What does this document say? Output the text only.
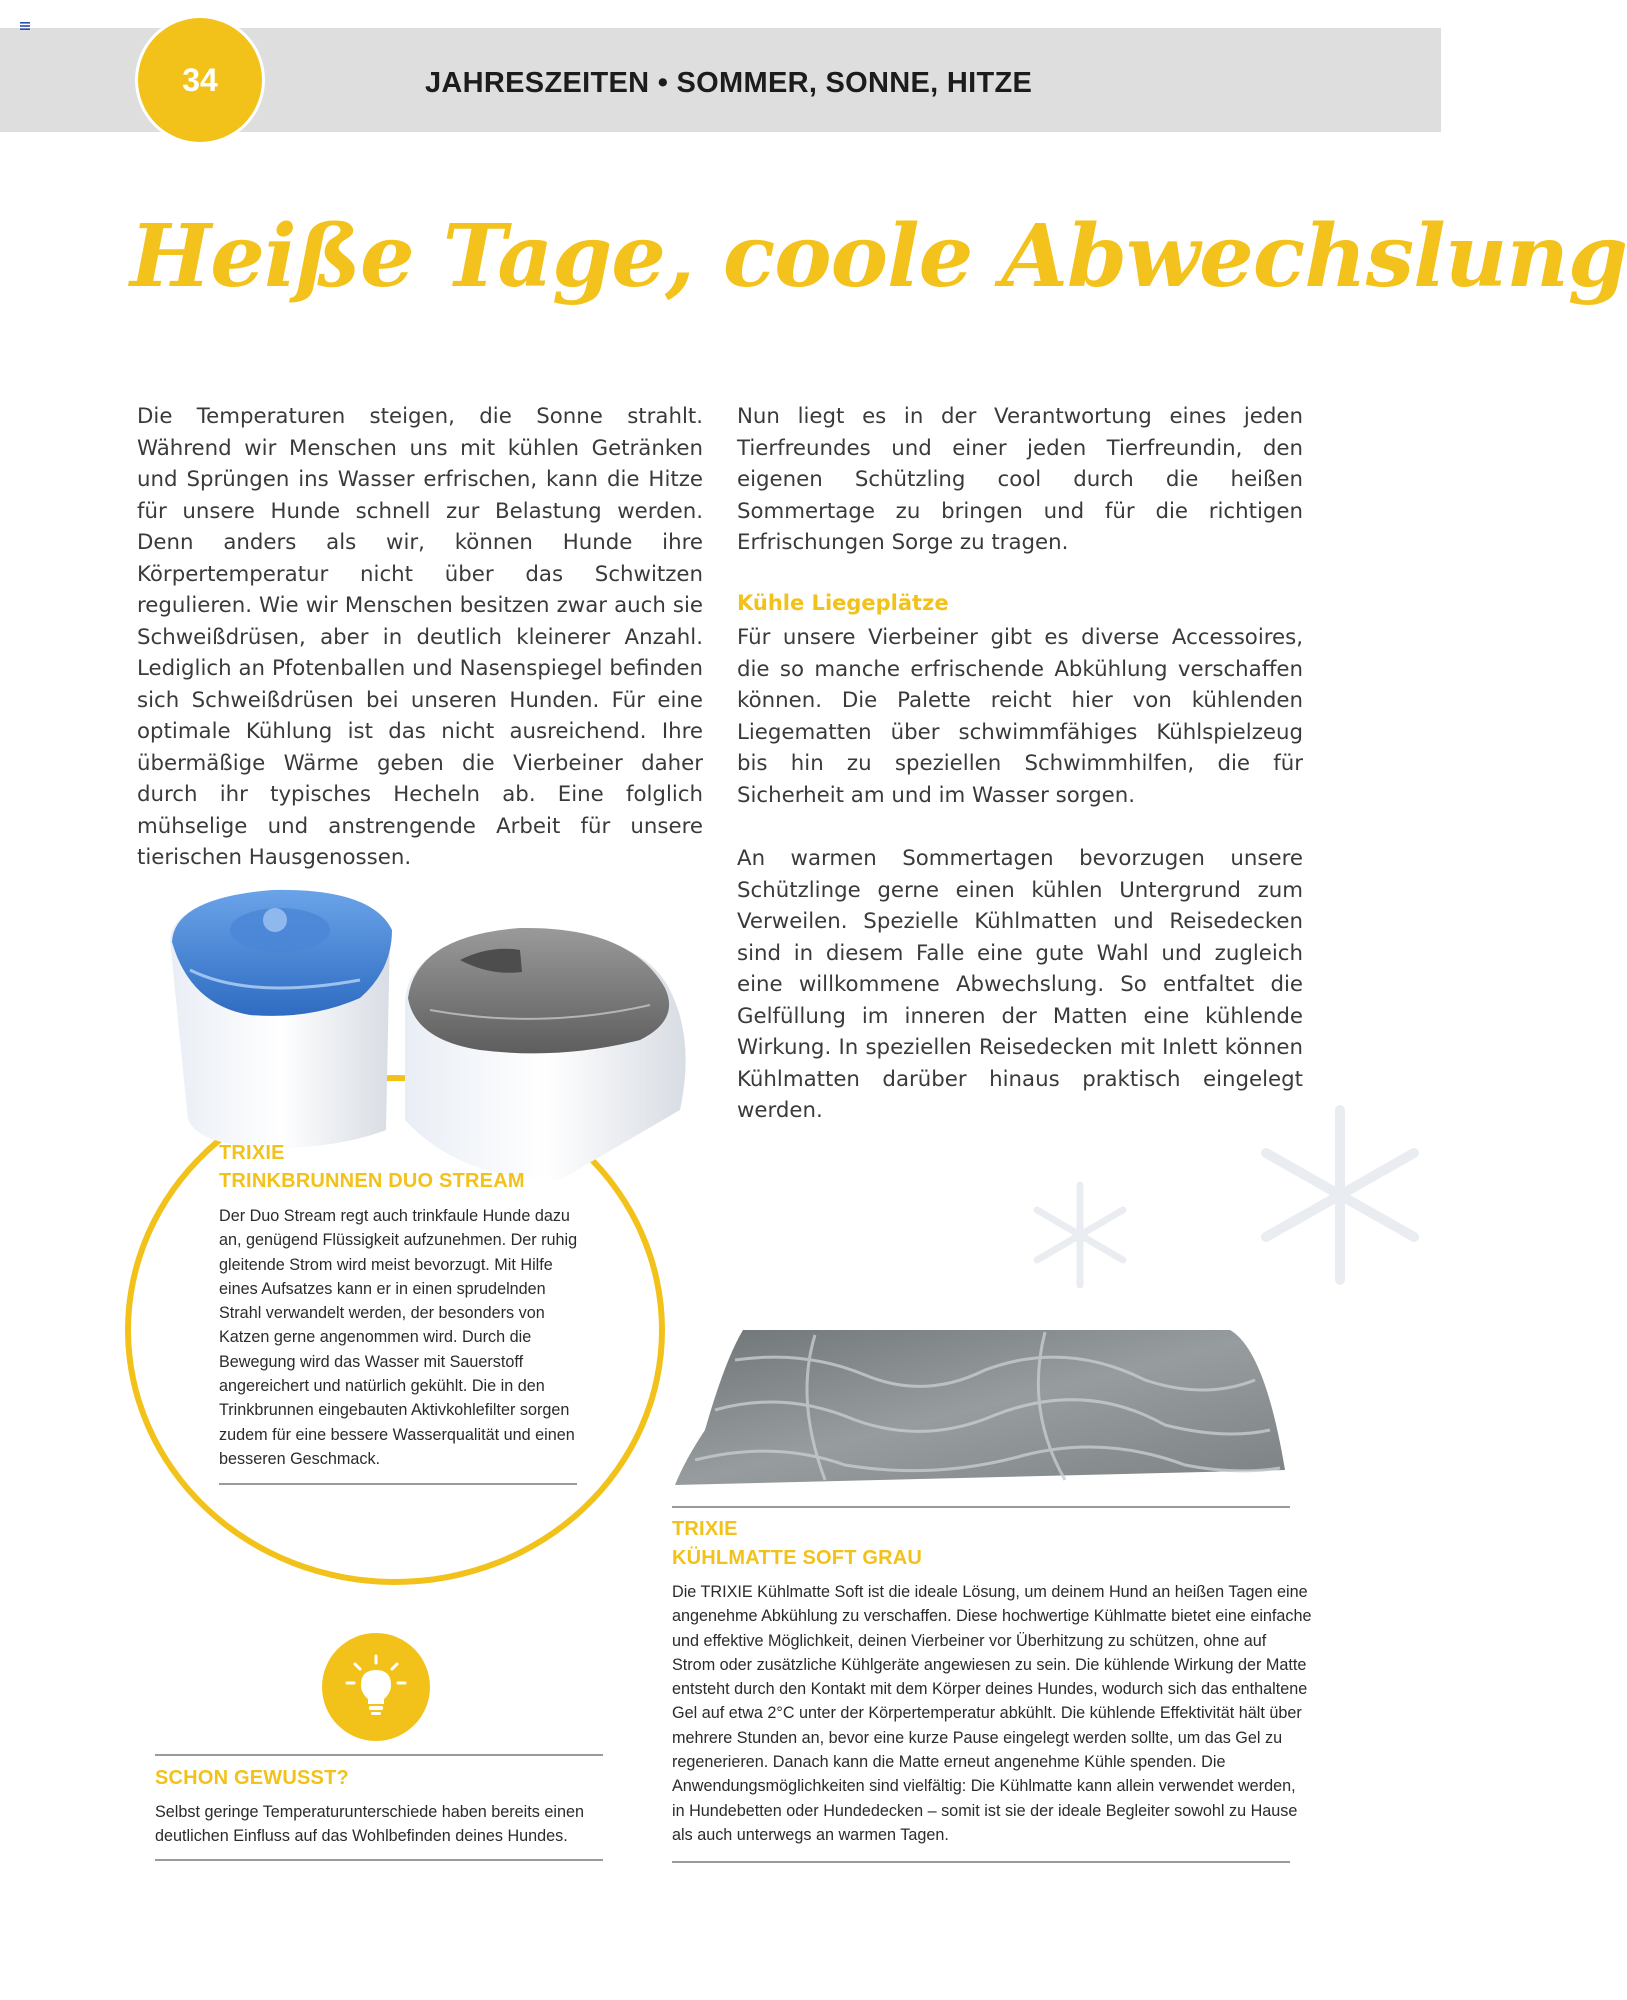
34	JAHRESZEITEN • SOMMER, SONNE, HITZE
Heiße Tage, coole Abwechslung

Die Temperaturen steigen, die Sonne strahlt. Während wir Menschen uns mit kühlen Getränken und Sprüngen ins Wasser erfrischen, kann die Hitze für unsere Hunde schnell zur Belastung werden. Denn anders als wir, können Hunde ihre Körpertemperatur nicht über das Schwitzen regulieren. Wie wir Menschen besitzen zwar auch sie Schweißdrüsen, aber in deutlich kleinerer Anzahl. Lediglich an Pfotenballen und Nasenspiegel befinden sich Schweißdrüsen bei unseren Hunden. Für eine optimale Kühlung ist das nicht ausreichend. Ihre übermäßige Wärme geben die Vierbeiner daher durch ihr typisches Hecheln ab. Eine folglich mühselige und anstrengende Arbeit für unsere tierischen Hausgenossen.

Nun liegt es in der Verantwortung eines jeden Tierfreundes und einer jeden Tierfreundin, den eigenen Schützling cool durch die heißen Sommertage zu bringen und für die richtigen Erfrischungen Sorge zu tragen.

Kühle Liegeplätze

Für unsere Vierbeiner gibt es diverse Accessoires, die so manche erfrischende Abkühlung verschaffen können. Die Palette reicht hier von kühlenden Liegematten über schwimmfähiges Kühlspielzeug bis hin zu speziellen Schwimmhilfen, die für Sicherheit am und im Wasser sorgen.

An warmen Sommertagen bevorzugen unsere Schützlinge gerne einen kühlen Untergrund zum Verweilen. Spezielle Kühlmatten und Reisedecken sind in diesem Falle eine gute Wahl und zugleich eine willkommene Abwechslung. So entfaltet die Gelfüllung im inneren der Matten eine kühlende Wirkung. In speziellen Reisedecken mit Inlett können Kühlmatten darüber hinaus praktisch eingelegt werden.

TRIXIE
TRINKBRUNNEN DUO STREAM

Der Duo Stream regt auch trinkfaule Hunde dazu an, genügend Flüssigkeit aufzunehmen. Der ruhig gleitende Strom wird meist bevorzugt. Mit Hilfe eines Aufsatzes kann er in einen sprudelnden Strahl verwandelt werden, der besonders von Katzen gerne angenommen wird. Durch die Bewegung wird das Wasser mit Sauerstoff angereichert und natürlich gekühlt. Die in den Trinkbrunnen eingebauten Aktivkohlefilter sorgen zudem für eine bessere Wasserqualität und einen besseren Geschmack.

TRIXIE
KÜHLMATTE SOFT GRAU

Die TRIXIE Kühlmatte Soft ist die ideale Lösung, um deinem Hund an heißen Tagen eine angenehme Abkühlung zu verschaffen. Diese hochwertige Kühlmatte bietet eine einfache und effektive Möglichkeit, deinen Vierbeiner vor Überhitzung zu schützen, ohne auf Strom oder zusätzliche Kühlgeräte angewiesen zu sein. Die kühlende Wirkung der Matte entsteht durch den Kontakt mit dem Körper deines Hundes, wodurch sich das enthaltene Gel auf etwa 2°C unter der Körpertemperatur abkühlt. Die kühlende Effektivität hält über mehrere Stunden an, bevor eine kurze Pause eingelegt werden sollte, um das Gel zu regenerieren. Danach kann die Matte erneut angenehme Kühle spenden. Die Anwendungsmöglichkeiten sind vielfältig: Die Kühlmatte kann allein verwendet werden, in Hundebetten oder Hundedecken – somit ist sie der ideale Begleiter sowohl zu Hause als auch unterwegs an warmen Tagen.

SCHON GEWUSST?

Selbst geringe Temperaturunterschiede haben bereits einen deutlichen Einfluss auf das Wohlbefinden deines Hundes.
